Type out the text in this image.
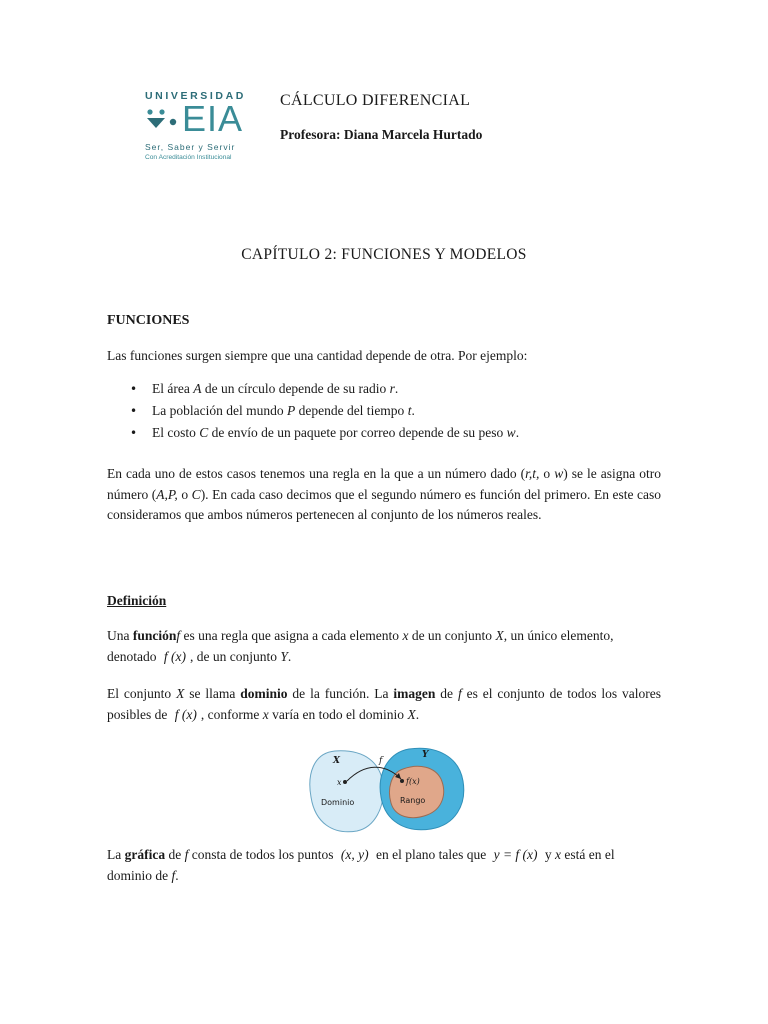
UNIVERSIDAD
EIA
Ser, Saber y Servir
Con Acreditación Institucional
CÁLCULO DIFERENCIAL
Profesora: Diana Marcela Hurtado
CAPÍTULO 2: FUNCIONES Y MODELOS
FUNCIONES
Las funciones surgen siempre que una cantidad depende de otra. Por ejemplo:
• El área A de un círculo depende de su radio r.
• La población del mundo P depende del tiempo t.
• El costo C de envío de un paquete por correo depende de su peso w.
En cada uno de estos casos tenemos una regla en la que a un número dado (r,t, o w) se le asigna otro número (A,P, o C). En cada caso decimos que el segundo número es función del primero. En este caso consideramos que ambos números pertenecen al conjunto de los números reales.
Definición
Una funciónf es una regla que asigna a cada elemento x de un conjunto X, un único elemento, denotado f (x) , de un conjunto Y.
El conjunto X se llama dominio de la función. La imagen de f es el conjunto de todos los valores posibles de f (x) , conforme x varía en todo el dominio X.
X
Y
f
x	f(x)
Dominio	Rango
La gráfica de f consta de todos los puntos (x, y) en el plano tales que y = f (x) y x está en el dominio de f.
